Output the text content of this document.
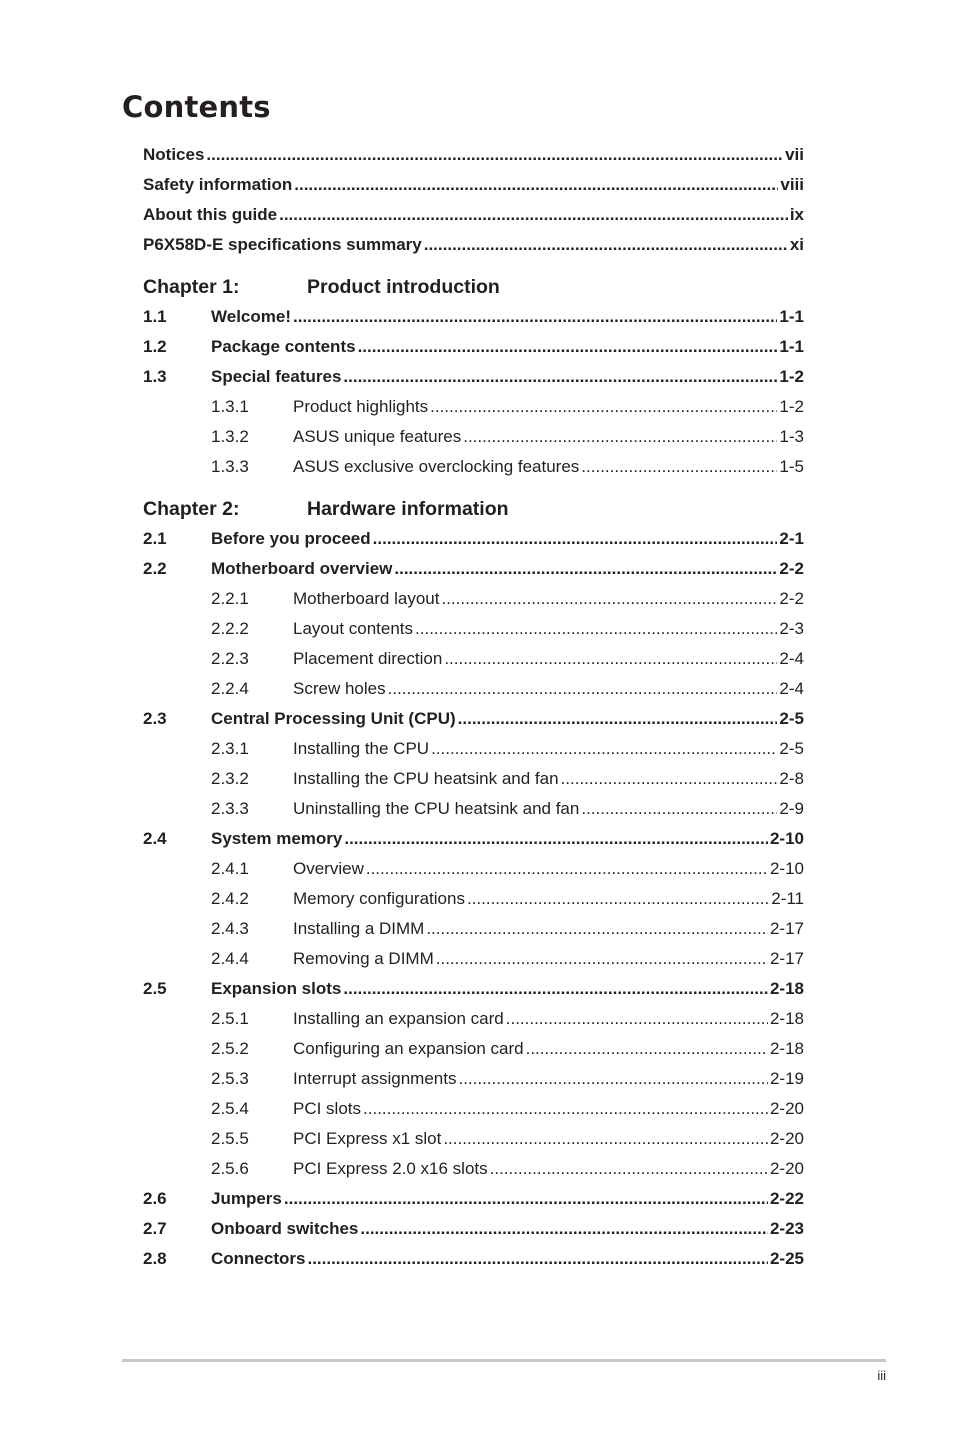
Contents
Notices .....	vii
Safety information .....	viii
About this guide .....	ix
P6X58D-E specifications summary .....	xi
Chapter 1:	Product introduction
1.1	Welcome! .....	1-1
1.2	Package contents .....	1-1
1.3	Special features .....	1-2
1.3.1	Product highlights .....	1-2
1.3.2	ASUS unique features .....	1-3
1.3.3	ASUS exclusive overclocking features .....	1-5
Chapter 2:	Hardware information
2.1	Before you proceed .....	2-1
2.2	Motherboard overview .....	2-2
2.2.1	Motherboard layout .....	2-2
2.2.2	Layout contents .....	2-3
2.2.3	Placement direction .....	2-4
2.2.4	Screw holes .....	2-4
2.3	Central Processing Unit (CPU) .....	2-5
2.3.1	Installing the CPU .....	2-5
2.3.2	Installing the CPU heatsink and fan .....	2-8
2.3.3	Uninstalling the CPU heatsink and fan .....	2-9
2.4	System memory .....	2-10
2.4.1	Overview .....	2-10
2.4.2	Memory configurations .....	2-11
2.4.3	Installing a DIMM .....	2-17
2.4.4	Removing a DIMM .....	2-17
2.5	Expansion slots .....	2-18
2.5.1	Installing an expansion card .....	2-18
2.5.2	Configuring an expansion card .....	2-18
2.5.3	Interrupt assignments .....	2-19
2.5.4	PCI slots .....	2-20
2.5.5	PCI Express x1 slot .....	2-20
2.5.6	PCI Express 2.0 x16 slots .....	2-20
2.6	Jumpers .....	2-22
2.7	Onboard switches .....	2-23
2.8	Connectors .....	2-25
iii
